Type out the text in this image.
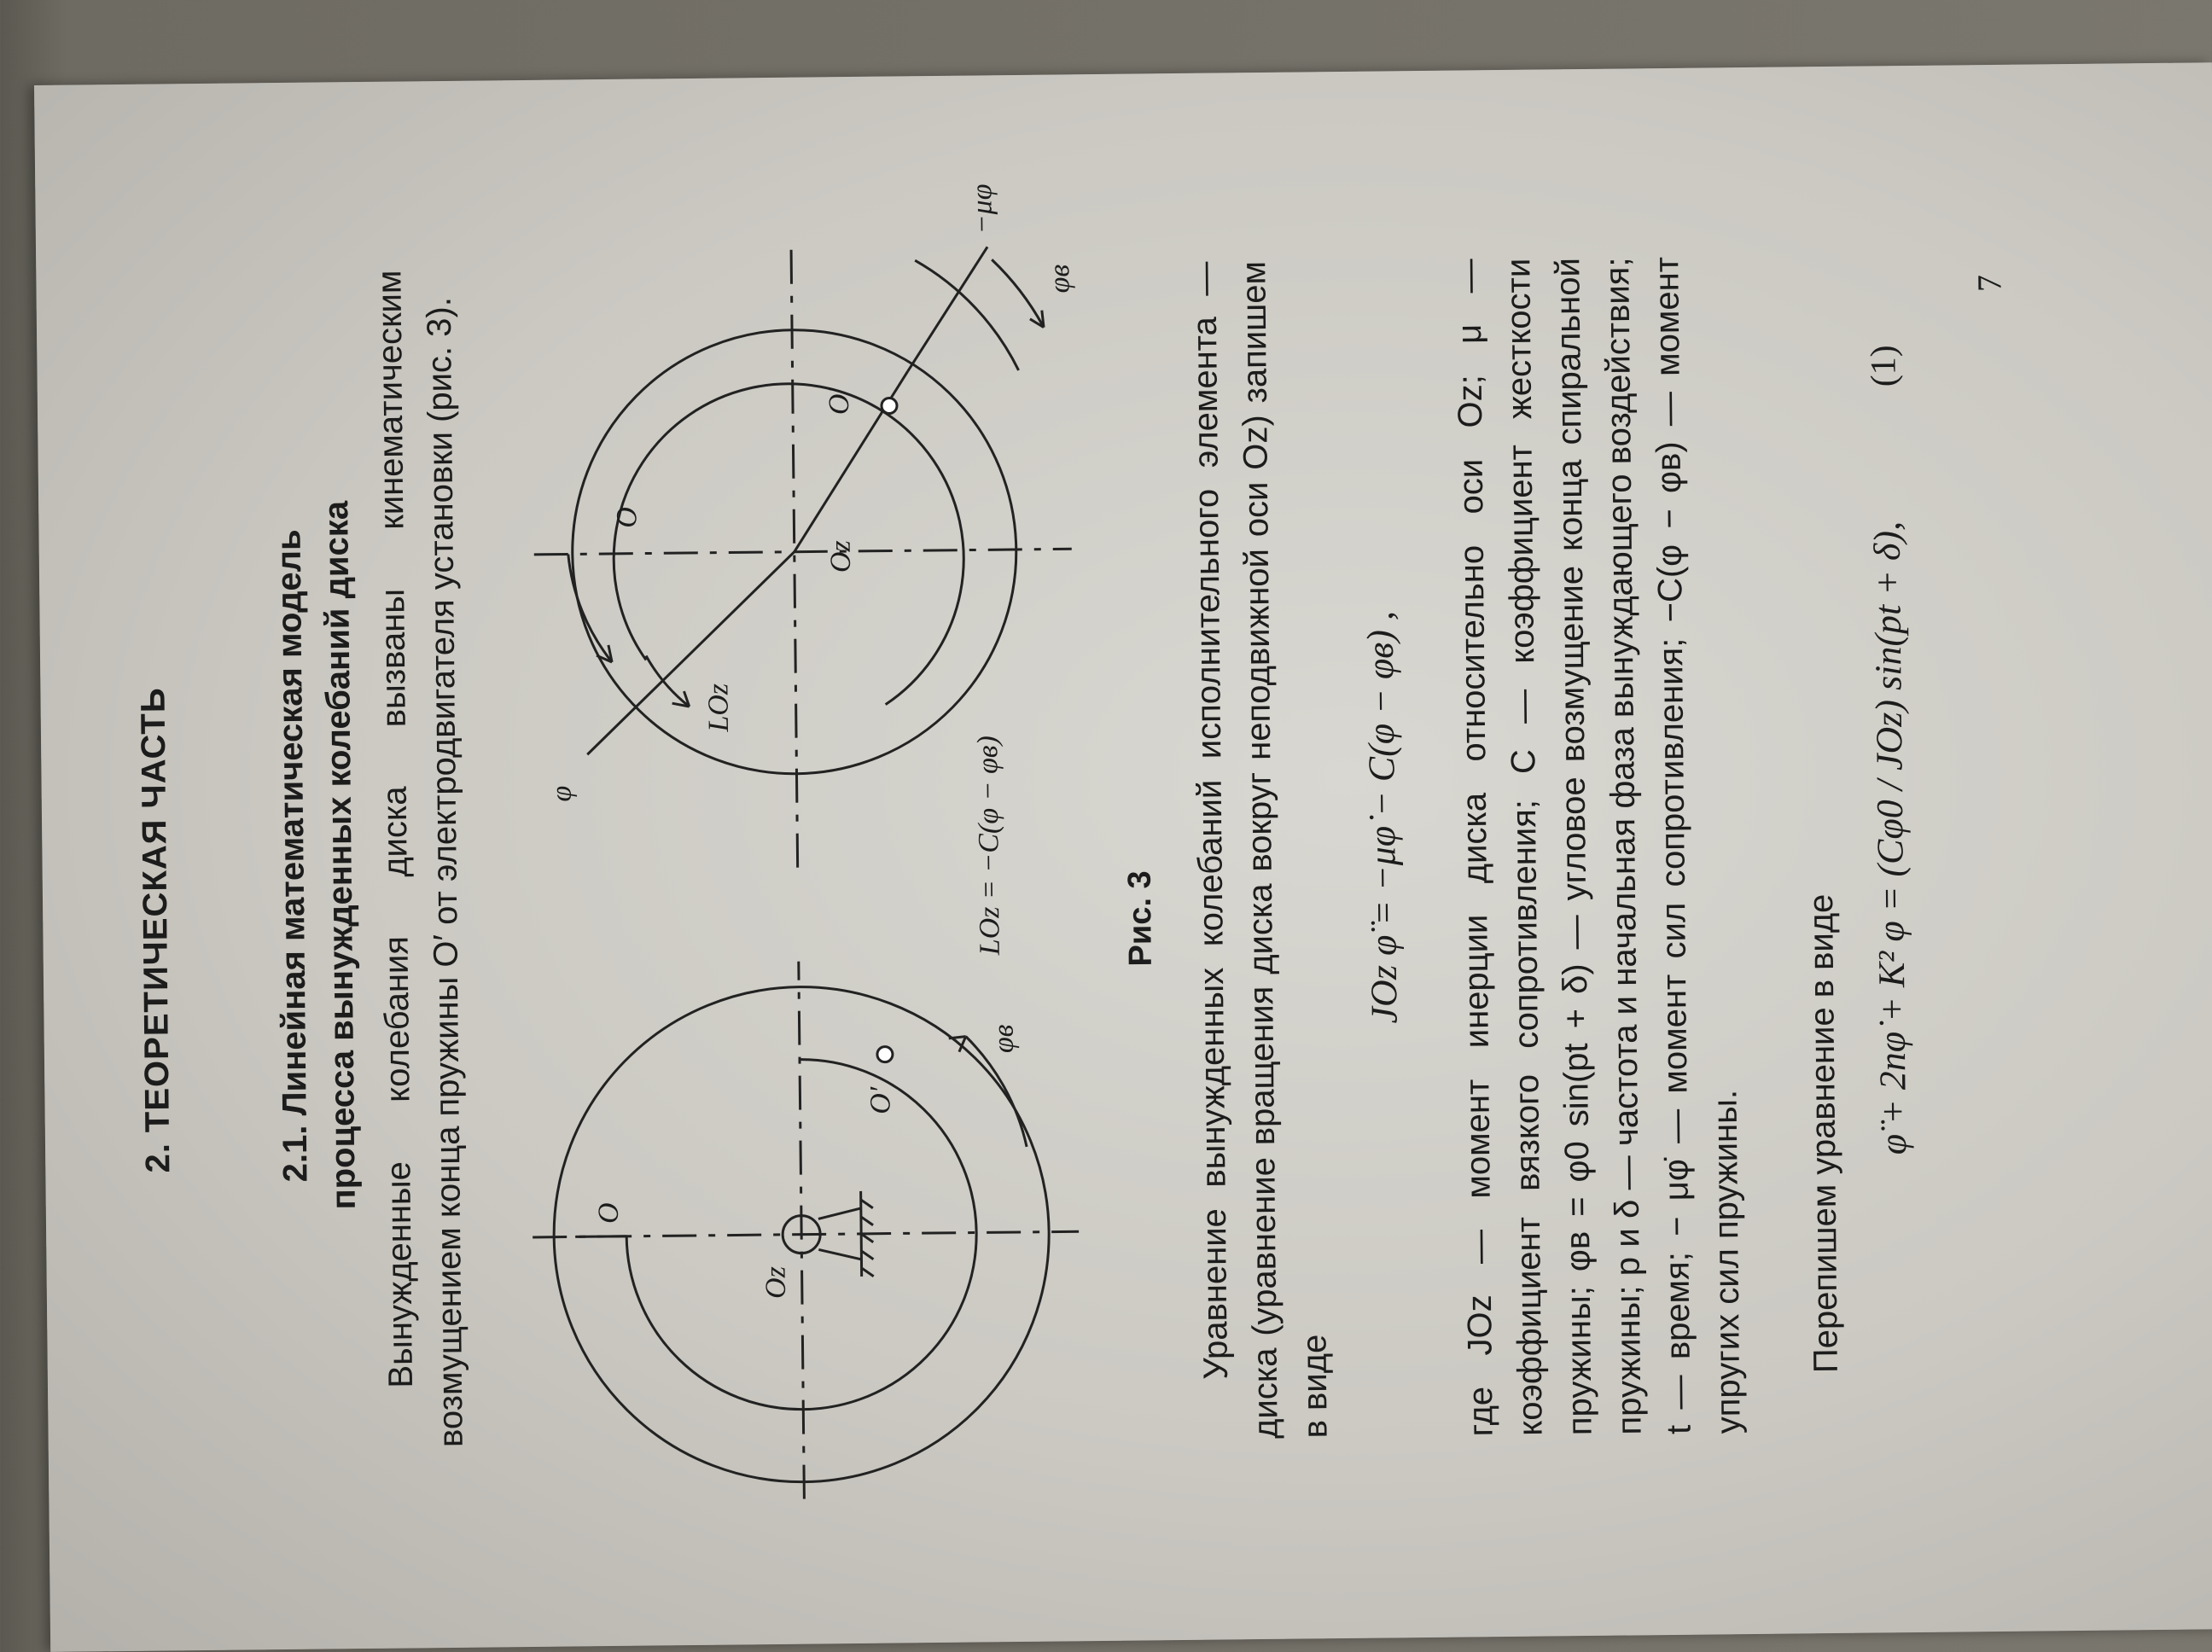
2. ТЕОРЕТИЧЕСКАЯ ЧАСТЬ	2.1. Линейная математическая модель процесса вынужденных колебаний диска Вынужденные колебания диска вызваны кинематическим возмущением конца пружины O′ от электродвигателя установки (рис. 3).	Oz
O
O′
φв
LOz = −C(φ − φв)
φ
O
Oz
O′
LOz
−μφ̇
φв
Рис. 3 Уравнение вынужденных колебаний исполнительного элемента — диска (уравнение вращения диска вокруг неподвижной оси Oz) запишем в виде
JOz φ̈ = −μφ̇ − C(φ − φв) , где JOz — момент инерции диска относительно оси Oz; μ — коэффициент вязкого сопротивления; C — коэффициент жесткости пружины; φв = φ0 sin(pt + δ) — угловое возмущение конца спиральной пружины; p и δ — частота и начальная фаза вынуждающего воздействия; t — время; − μφ̇ — момент сил сопротивления; −C(φ − φв) — момент упругих сил пружины.	Перепишем уравнение в виде φ̈ + 2nφ̇ + K² φ = (Cφ0 / JOz) sin(pt + δ),
(1)
7
